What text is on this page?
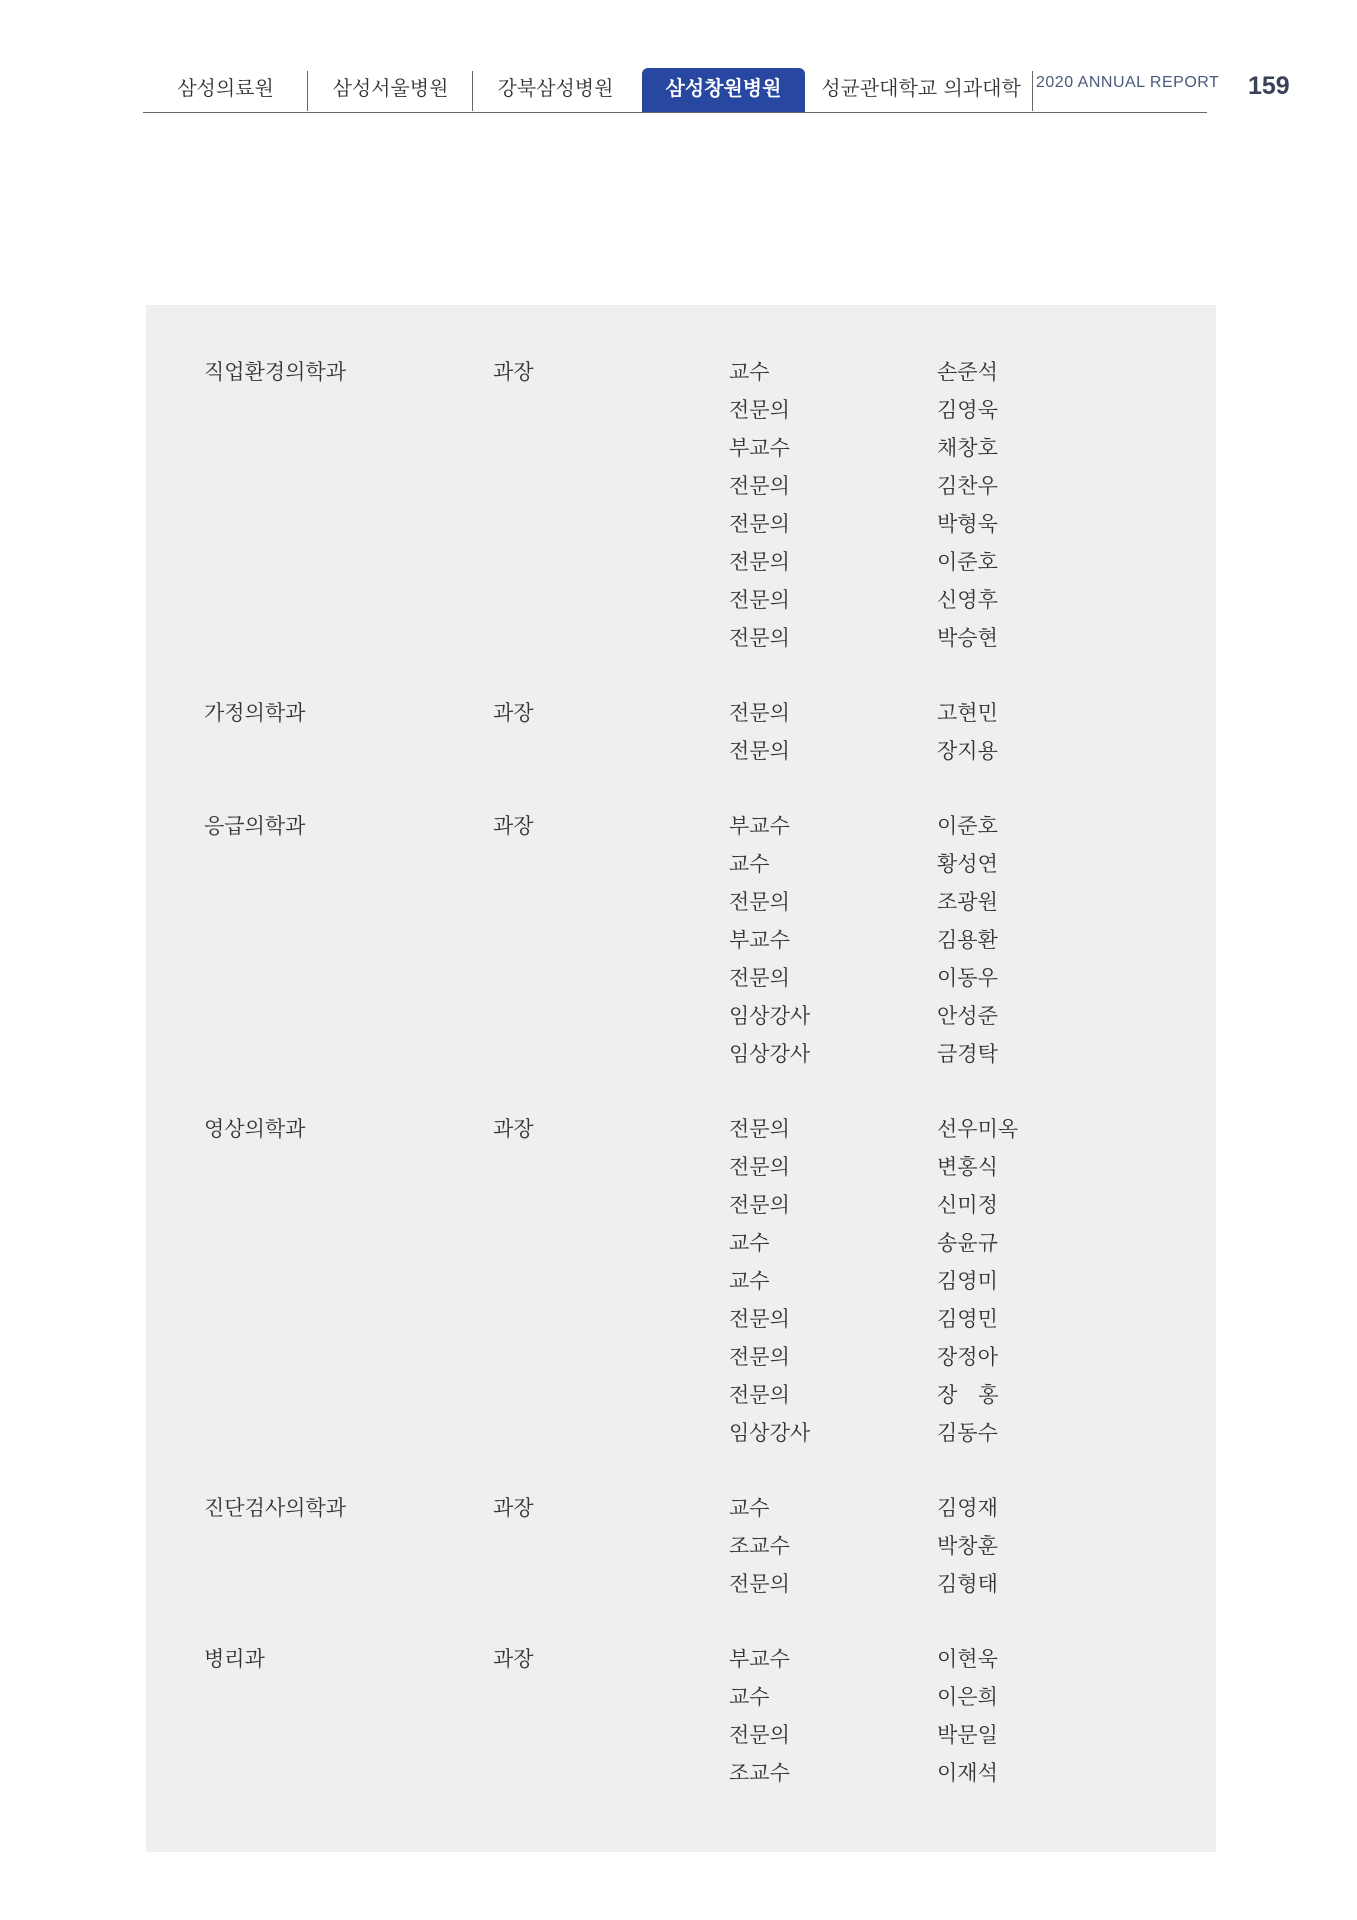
삼성의료원	삼성서울병원	강북삼성병원	삼성창원병원	성균관대학교 의과대학 2020 ANNUAL REPORT 159
직업환경의학과	과장	교수	손준석
전문의	김영욱
부교수	채창호
전문의	김찬우
전문의	박형욱
전문의	이준호
전문의	신영후
전문의	박승현
가정의학과	과장	전문의	고현민
전문의	장지용
응급의학과	과장	부교수	이준호
교수	황성연
전문의	조광원
부교수	김용환
전문의	이동우
임상강사	안성준
임상강사	금경탁
영상의학과	과장	전문의	선우미옥
전문의	변홍식
전문의	신미정
교수	송윤규
교수	김영미
전문의	김영민
전문의	장정아
전문의	장　홍
임상강사	김동수
진단검사의학과	과장	교수	김영재
조교수	박창훈
전문의	김형태
병리과	과장	부교수	이현욱
교수	이은희
전문의	박문일
조교수	이재석
